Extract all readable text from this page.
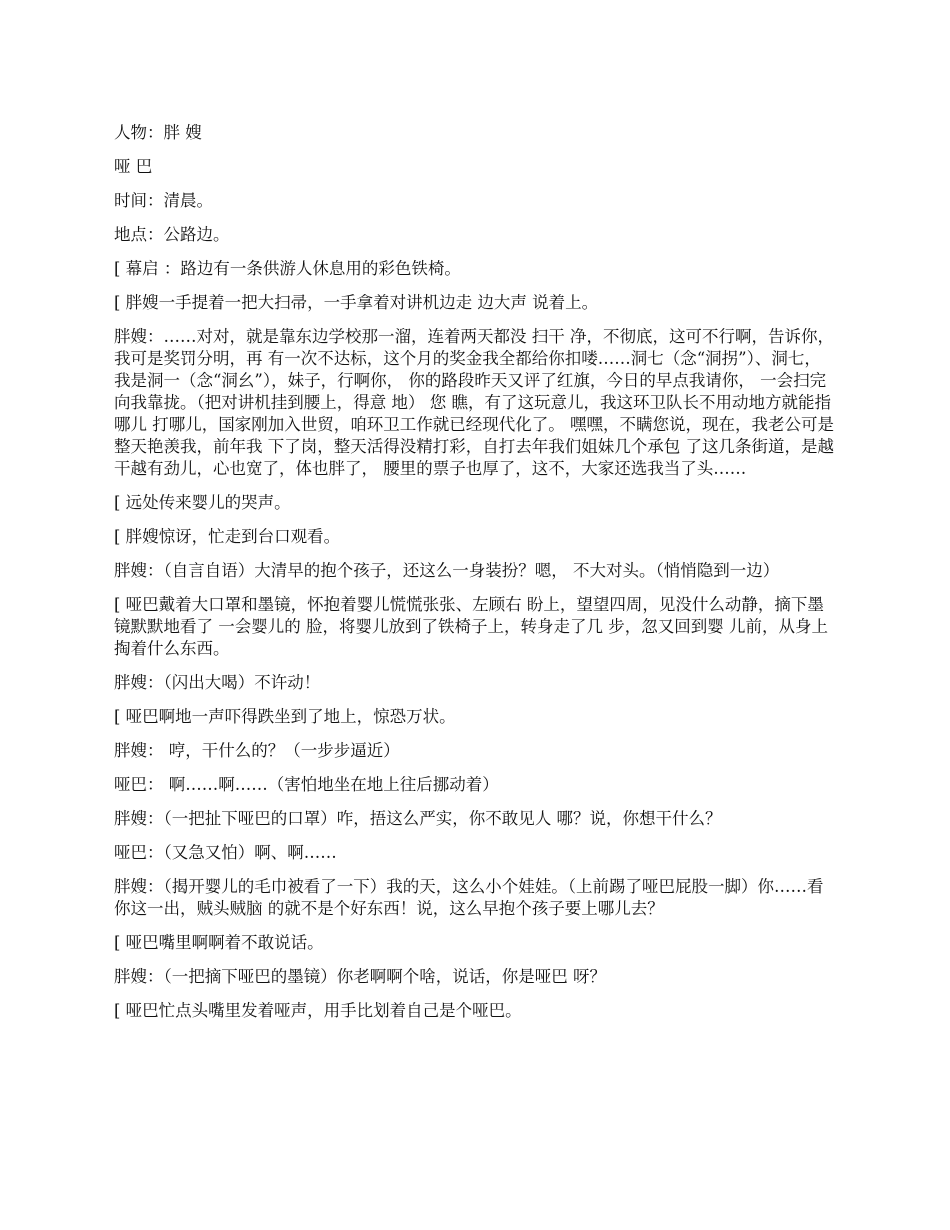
人物：胖 嫂

哑 巴

时间：清晨。

地点：公路边。

[ 幕启 ：路边有一条供游人休息用的彩色铁椅。

[ 胖嫂一手提着一把大扫帚，一手拿着对讲机边走 边大声 说着上。

胖嫂：……对对，就是靠东边学校那一溜，连着两天都没 扫干 净，不彻底，这可不行啊，告诉你，我可是奖罚分明，再 有一次不达标，这个月的奖金我全都给你扣喽……洞七（念“洞拐”）、洞七，我是洞一（念“洞幺”），妹子，行啊你， 你的路段昨天又评了红旗，今日的早点我请你， 一会扫完向我靠拢。（把对讲机挂到腰上，得意 地） 您 瞧，有了这玩意儿，我这环卫队长不用动地方就能指哪儿 打哪儿，国家刚加入世贸，咱环卫工作就已经现代化了。 嘿嘿，不瞒您说，现在，我老公可是整天艳羡我，前年我 下了岗，整天活得没精打彩，自打去年我们姐妹几个承包 了这几条街道，是越干越有劲儿，心也宽了，体也胖了， 腰里的票子也厚了，这不，大家还选我当了头……

[ 远处传来婴儿的哭声。

[ 胖嫂惊讶，忙走到台口观看。

胖嫂：（自言自语）大清早的抱个孩子，还这么一身装扮？嗯， 不大对头。（悄悄隐到一边）

[ 哑巴戴着大口罩和墨镜，怀抱着婴儿慌慌张张、左顾右 盼上，望望四周，见没什么动静，摘下墨镜默默地看了 一会婴儿的 脸，将婴儿放到了铁椅子上，转身走了几 步，忽又回到婴 儿前，从身上掏着什么东西。

胖嫂：（闪出大喝）不许动！

[ 哑巴啊地一声吓得跌坐到了地上，惊恐万状。

胖嫂： 哼，干什么的？（一步步逼近）

哑巴： 啊……啊……（害怕地坐在地上往后挪动着）

胖嫂：（一把扯下哑巴的口罩）咋，捂这么严实，你不敢见人 哪？说，你想干什么？

哑巴：（又急又怕）啊、啊……

胖嫂：（揭开婴儿的毛巾被看了一下）我的天，这么小个娃娃。（上前踢了哑巴屁股一脚）你……看你这一出，贼头贼脑 的就不是个好东西！说，这么早抱个孩子要上哪儿去？

[ 哑巴嘴里啊啊着不敢说话。

胖嫂：（一把摘下哑巴的墨镜）你老啊啊个啥，说话，你是哑巴 呀？

[ 哑巴忙点头嘴里发着哑声，用手比划着自己是个哑巴。
